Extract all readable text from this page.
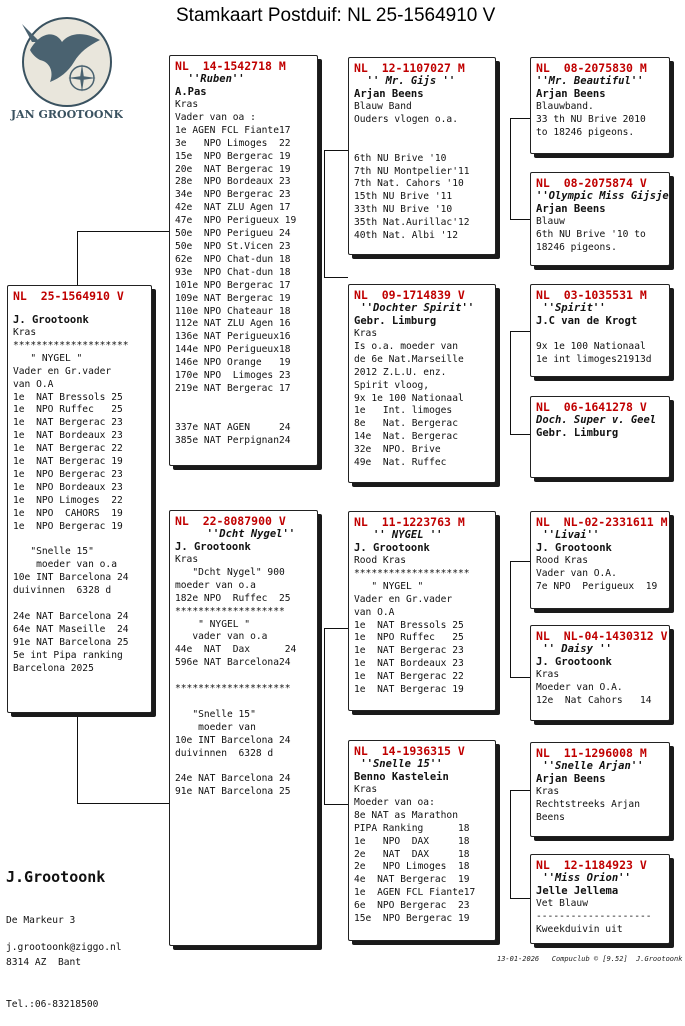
Stamkaart Postduif: NL 25-1564910 V
JAN GROOTOONK
NL  25-1564910 V
J. Grootoonk
Kras
********************
" NYGEL "
Vader en Gr.vader
van O.A
1e  NAT Bressols 25
1e  NPO Ruffec   25
1e  NAT Bergerac 23
1e  NAT Bordeaux 23
1e  NAT Bergerac 22
1e  NAT Bergerac 19
1e  NPO Bergerac 23
1e  NPO Bordeaux 23
1e  NPO Limoges  22
1e  NPO  CAHORS  19
1e  NPO Bergerac 19
"Snelle 15"
moeder van o.a
10e INT Barcelona 24
duivinnen  6328 d
24e NAT Barcelona 24
64e NAT Maseille  24
91e NAT Barcelona 25
5e int Pipa ranking
Barcelona 2025
NL  14-1542718 M
''Ruben''
A.Pas
Kras
Vader van oa :
1e AGEN FCL Fiante17
3e   NPO Limoges  22
15e  NPO Bergerac 19
20e  NAT Bergerac 19
28e  NPO Bordeaux 23
34e  NPO Bergerac 23
42e  NAT ZLU Agen 17
47e  NPO Perigueux 19
50e  NPO Perigueu 24
50e  NPO St.Vicen 23
62e  NPO Chat-dun 18
93e  NPO Chat-dun 18
101e NPO Bergerac 17
109e NAT Bergerac 19
110e NPO Chateaur 18
112e NAT ZLU Agen 16
136e NAT Perigueux16
144e NPO Perigueux18
146e NPO Orange   19
170e NPO  Limoges 23
219e NAT Bergerac 17
337e NAT AGEN     24
385e NAT Perpignan24
NL  22-8087900 V
''Dcht Nygel''
J. Grootoonk
Kras
"Dcht Nygel" 900
moeder van o.a
182e NPO  Ruffec  25
*******************
" NYGEL "
vader van o.a
44e  NAT  Dax      24
596e NAT Barcelona24
********************
"Snelle 15"
moeder van
10e INT Barcelona 24
duivinnen  6328 d
24e NAT Barcelona 24
91e NAT Barcelona 25
NL  12-1107027 M
'' Mr. Gijs ''
Arjan Beens
Blauw Band
Ouders vlogen o.a.
6th NU Brive '10
7th NU Montpelier'11
7th Nat. Cahors '10
15th NU Brive '11
33th NU Brive '10
35th Nat.Aurillac'12
40th Nat. Albi '12
NL  09-1714839 V
''Dochter Spirit''
Gebr. Limburg
Kras
Is o.a. moeder van
de 6e Nat.Marseille
2012 Z.L.U. enz.
Spirit vloog,
9x 1e 100 Nationaal
1e   Int. limoges
8e   Nat. Bergerac
14e  Nat. Bergerac
32e  NPO. Brive
49e  Nat. Ruffec
NL  11-1223763 M
'' NYGEL ''
J. Grootoonk
Rood Kras
********************
" NYGEL "
Vader en Gr.vader
van O.A
1e  NAT Bressols 25
1e  NPO Ruffec   25
1e  NAT Bergerac 23
1e  NAT Bordeaux 23
1e  NAT Bergerac 22
1e  NAT Bergerac 19
NL  14-1936315 V
''Snelle 15''
Benno Kastelein
Kras
Moeder van oa:
8e NAT as Marathon
PIPA Ranking      18
1e   NPO  DAX     18
2e   NAT  DAX     18
2e   NPO Limoges  18
4e  NAT Bergerac  19
1e  AGEN FCL Fiante17
6e  NPO Bergerac  23
15e  NPO Bergerac 19
NL  08-2075830 M
''Mr. Beautiful''
Arjan Beens
Blauwband.
33 th NU Brive 2010
to 18246 pigeons.
NL  08-2075874 V
''Olympic Miss Gijsje
Arjan Beens
Blauw
6th NU Brive '10 to
18246 pigeons.
NL  03-1035531 M
''Spirit''
J.C van de Krogt
9x 1e 100 Nationaal
1e int limoges21913d
NL  06-1641278 V
Doch. Super v. Geel
Gebr. Limburg
NL  NL-02-2331611 M
''Livai''
J. Grootoonk
Rood Kras
Vader van O.A.
7e NPO  Perigueux  19
NL  NL-04-1430312 V
'' Daisy ''
J. Grootoonk
Kras
Moeder van O.A.
12e  Nat Cahors   14
NL  11-1296008 M
''Snelle Arjan''
Arjan Beens
Kras
Rechtstreeks Arjan
Beens
NL  12-1184923 V
''Miss Orion''
Jelle Jellema
Vet Blauw
--------------------
Kweekduivin uit
J.Grootoonk

De Markeur 3

8314 AZ  Bant

Tel.:06-83218500

j.grootoonk@ziggo.nl
13-01-2026   Compuclub © [9.52]  J.Grootoonk
